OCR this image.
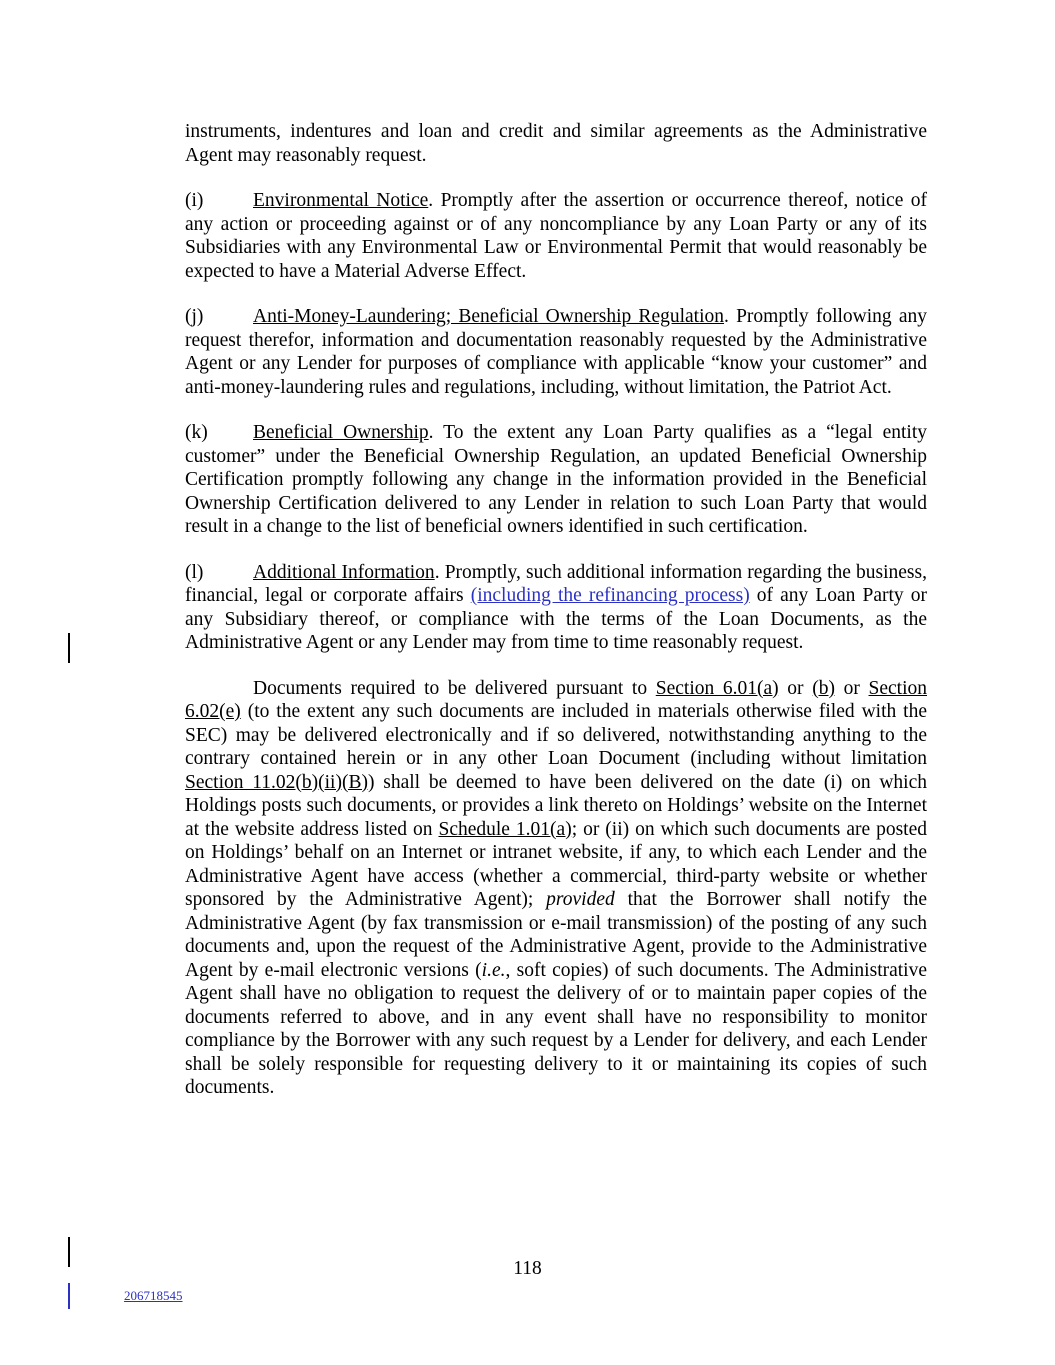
instruments, indentures and loan and credit and similar agreements as the Administrative Agent may reasonably request.

(i)	Environmental Notice. Promptly after the assertion or occurrence thereof, notice of any action or proceeding against or of any noncompliance by any Loan Party or any of its Subsidiaries with any Environmental Law or Environmental Permit that would reasonably be expected to have a Material Adverse Effect.

(j)	Anti-Money-Laundering; Beneficial Ownership Regulation. Promptly following any request therefor, information and documentation reasonably requested by the Administrative Agent or any Lender for purposes of compliance with applicable “know your customer” and anti-money-laundering rules and regulations, including, without limitation, the Patriot Act.

(k) Beneficial Ownership. To the extent any Loan Party qualifies as a “legal entity customer” under the Beneficial Ownership Regulation, an updated Beneficial Ownership Certification promptly following any change in the information provided in the Beneficial Ownership Certification delivered to any Lender in relation to such Loan Party that would result in a change to the list of beneficial owners identified in such certification.

(l)	Additional Information. Promptly, such additional information regarding the business, financial, legal or corporate affairs (including the refinancing process) of any Loan Party or any Subsidiary thereof, or compliance with the terms of the Loan Documents, as the Administrative Agent or any Lender may from time to time reasonably request.

Documents required to be delivered pursuant to Section 6.01(a) or (b) or Section 6.02(e) (to the extent any such documents are included in materials otherwise filed with the SEC) may be delivered electronically and if so delivered, notwithstanding anything to the contrary contained herein or in any other Loan Document (including without limitation Section 11.02(b)(ii)(B)) shall be deemed to have been delivered on the date (i) on which Holdings posts such documents, or provides a link thereto on Holdings’ website on the Internet at the website address listed on Schedule 1.01(a); or (ii) on which such documents are posted on Holdings’ behalf on an Internet or intranet website, if any, to which each Lender and the Administrative Agent have access (whether a commercial, third-party website or whether sponsored by the Administrative Agent); provided that the Borrower shall notify the Administrative Agent (by fax transmission or e-mail transmission) of the posting of any such documents and, upon the request of the Administrative Agent, provide to the Administrative Agent by e-mail electronic versions (i.e., soft copies) of such documents. The Administrative Agent shall have no obligation to request the delivery of or to maintain paper copies of the documents referred to above, and in any event shall have no responsibility to monitor compliance by the Borrower with any such request by a Lender for delivery, and each Lender shall be solely responsible for requesting delivery to it or maintaining its copies of such documents.

118
206718545
